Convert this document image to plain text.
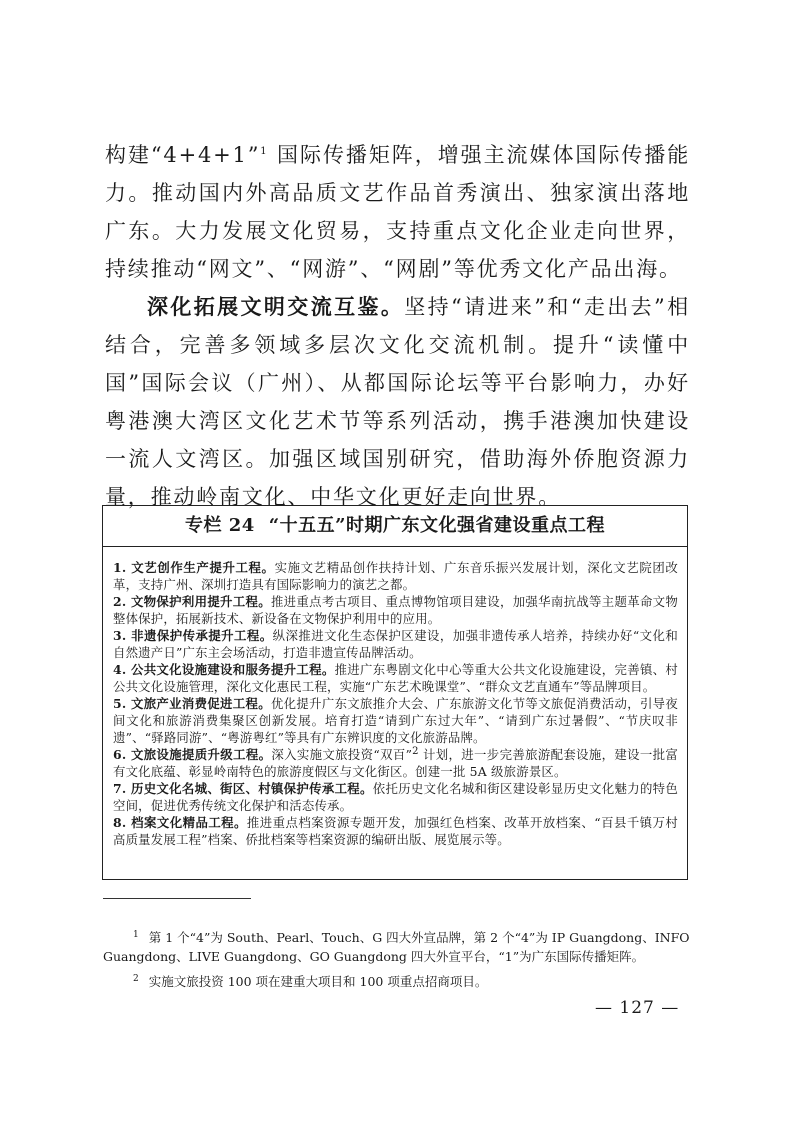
构建“4+4+1”$^1$ 国际传播矩阵，增强主流媒体国际传播能力。推动国内外高品质文艺作品首秀演出、独家演出落地广东。大力发展文化贸易，支持重点文化企业走向世界，持续推动“网文”、“网游”、“网剧”等优秀文化产品出海。

深化拓展文明交流互鉴。坚持“请进来”和“走出去”相结合，完善多领域多层次文化交流机制。提升“读懂中国”国际会议（广州）、从都国际论坛等平台影响力，办好粤港澳大湾区文化艺术节等系列活动，携手港澳加快建设一流人文湾区。加强区域国别研究，借助海外侨胞资源力量，推动岭南文化、中华文化更好走向世界。

专栏 24 “十五五”时期广东文化强省建设重点工程

1. 文艺创作生产提升工程。实施文艺精品创作扶持计划、广东音乐振兴发展计划，深化文艺院团改革，支持广州、深圳打造具有国际影响力的演艺之都。

2. 文物保护利用提升工程。推进重点考古项目、重点博物馆项目建设，加强华南抗战等主题革命文物整体保护，拓展新技术、新设备在文物保护利用中的应用。

3. 非遗保护传承提升工程。纵深推进文化生态保护区建设，加强非遗传承人培养，持续办好“文化和自然遗产日”广东主会场活动，打造非遗宣传品牌活动。

4. 公共文化设施建设和服务提升工程。推进广东粤剧文化中心等重大公共文化设施建设，完善镇、村公共文化设施管理，深化文化惠民工程，实施“广东艺术晚课堂”、“群众文艺直通车”等品牌项目。

5. 文旅产业消费促进工程。优化提升广东文旅推介大会、广东旅游文化节等文旅促消费活动，引导夜间文化和旅游消费集聚区创新发展。培育打造“请到广东过大年”、“请到广东过暑假”、“节庆叹非遗”、“驿路同游”、“粤游粤红”等具有广东辨识度的文化旅游品牌。

6. 文旅设施提质升级工程。深入实施文旅投资“双百”$^2$ 计划，进一步完善旅游配套设施，建设一批富有文化底蕴、彰显岭南特色的旅游度假区与文化街区。创建一批 5A 级旅游景区。

7. 历史文化名城、街区、村镇保护传承工程。依托历史文化名城和街区建设彰显历史文化魅力的特色空间，促进优秀传统文化保护和活态传承。

8. 档案文化精品工程。推进重点档案资源专题开发，加强红色档案、改革开放档案、“百县千镇万村高质量发展工程”档案、侨批档案等档案资源的编研出版、展览展示等。

$^1$ 第 1 个“4”为 South、Pearl、Touch、G 四大外宣品牌，第 2 个“4”为 IP Guangdong、INFO Guangdong、LIVE Guangdong、GO Guangdong 四大外宣平台，“1”为广东国际传播矩阵。

$^2$ 实施文旅投资 100 项在建重大项目和 100 项重点招商项目。

— 127 —
